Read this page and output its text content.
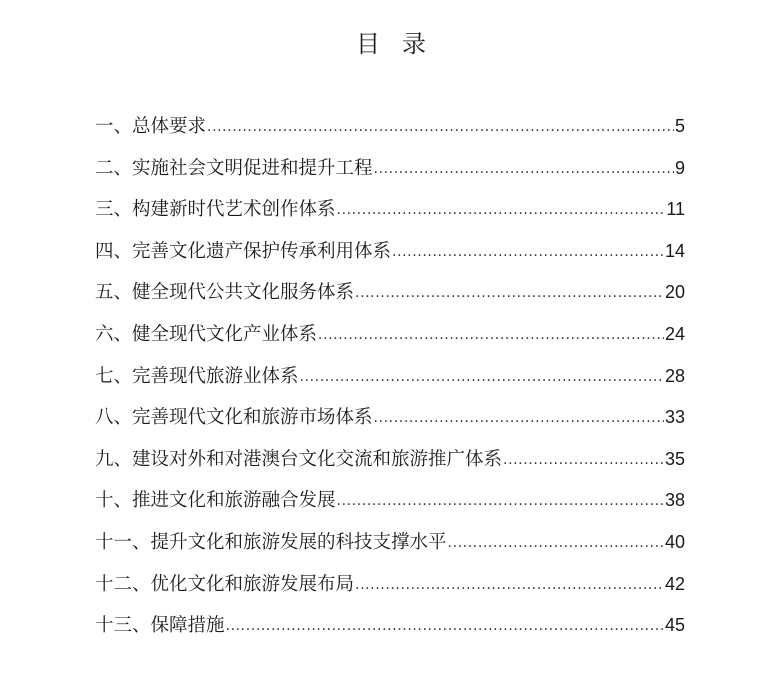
目录
一、总体要求 .....	5
二、实施社会文明促进和提升工程 .....	9
三、构建新时代艺术创作体系 .....	11
四、完善文化遗产保护传承利用体系 .....	14
五、健全现代公共文化服务体系 .....	20
六、健全现代文化产业体系 .....	24
七、完善现代旅游业体系 .....	28
八、完善现代文化和旅游市场体系 .....	33
九、建设对外和对港澳台文化交流和旅游推广体系 .....	35
十、推进文化和旅游融合发展 .....	38
十一、提升文化和旅游发展的科技支撑水平 .....	40
十二、优化文化和旅游发展布局 .....	42
十三、保障措施 .....	45
